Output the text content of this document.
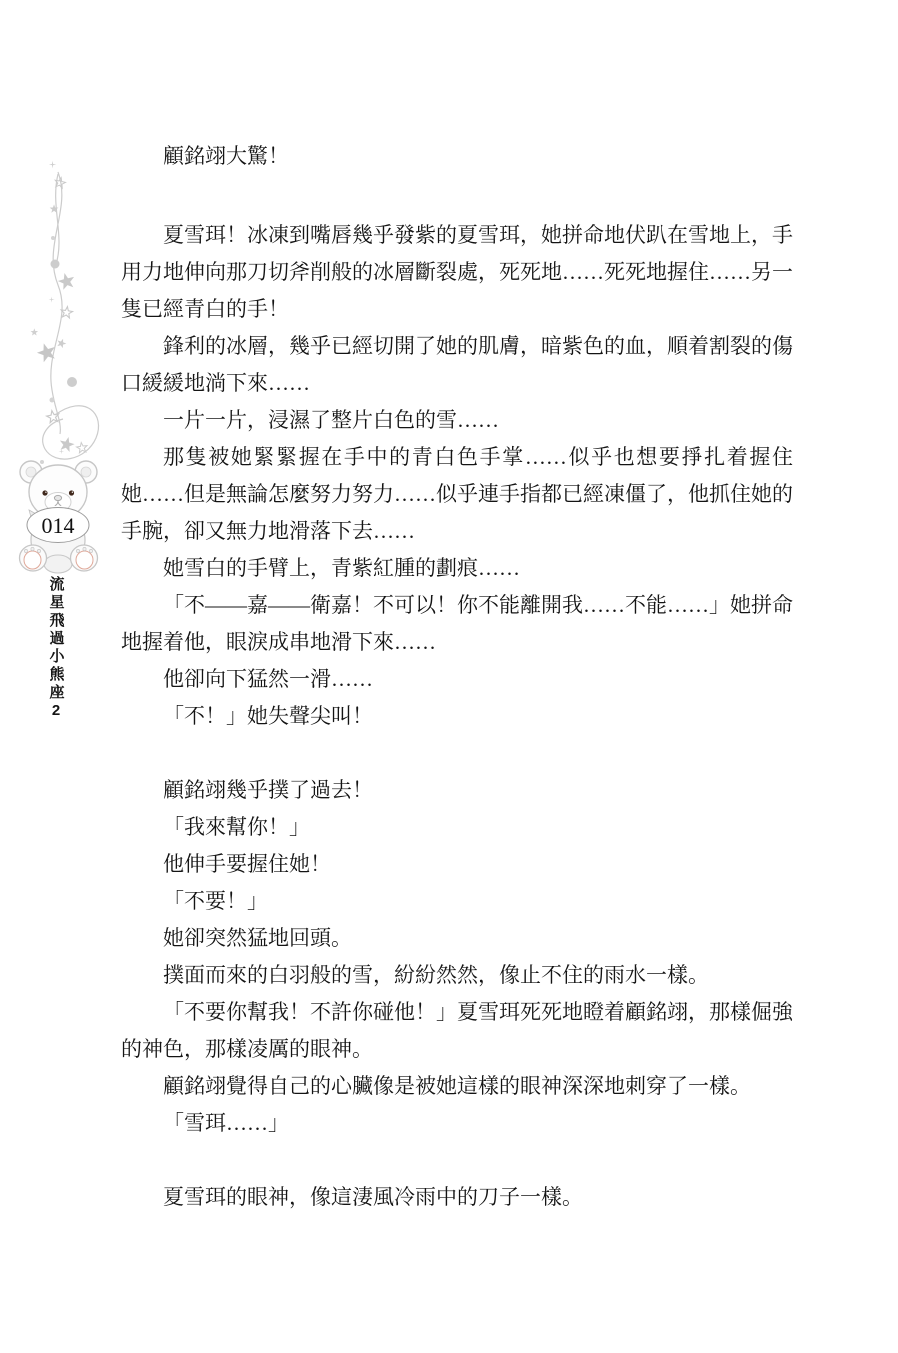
014
流星飛過小熊座2

顧銘翊大驚！

夏雪珥！冰凍到嘴唇幾乎發紫的夏雪珥，她拼命地伏趴在雪地上，手用力地伸向那刀切斧削般的冰層斷裂處，死死地……死死地握住……另一隻已經青白的手！

鋒利的冰層，幾乎已經切開了她的肌膚，暗紫色的血，順着割裂的傷口緩緩地淌下來……

一片一片，浸濕了整片白色的雪……

那隻被她緊緊握在手中的青白色手掌……似乎也想要掙扎着握住她……但是無論怎麼努力努力……似乎連手指都已經凍僵了，他抓住她的手腕，卻又無力地滑落下去……

她雪白的手臂上，青紫紅腫的劃痕……

「不——嘉——衛嘉！不可以！你不能離開我……不能……」她拼命地握着他，眼淚成串地滑下來……

他卻向下猛然一滑……

「不！」她失聲尖叫！

顧銘翊幾乎撲了過去！

「我來幫你！」

他伸手要握住她！

「不要！」

她卻突然猛地回頭。

撲面而來的白羽般的雪，紛紛然然，像止不住的雨水一樣。

「不要你幫我！不許你碰他！」夏雪珥死死地瞪着顧銘翊，那樣倔強的神色，那樣凌厲的眼神。

顧銘翊覺得自己的心臟像是被她這樣的眼神深深地刺穿了一樣。

「雪珥……」

夏雪珥的眼神，像這淒風冷雨中的刀子一樣。
